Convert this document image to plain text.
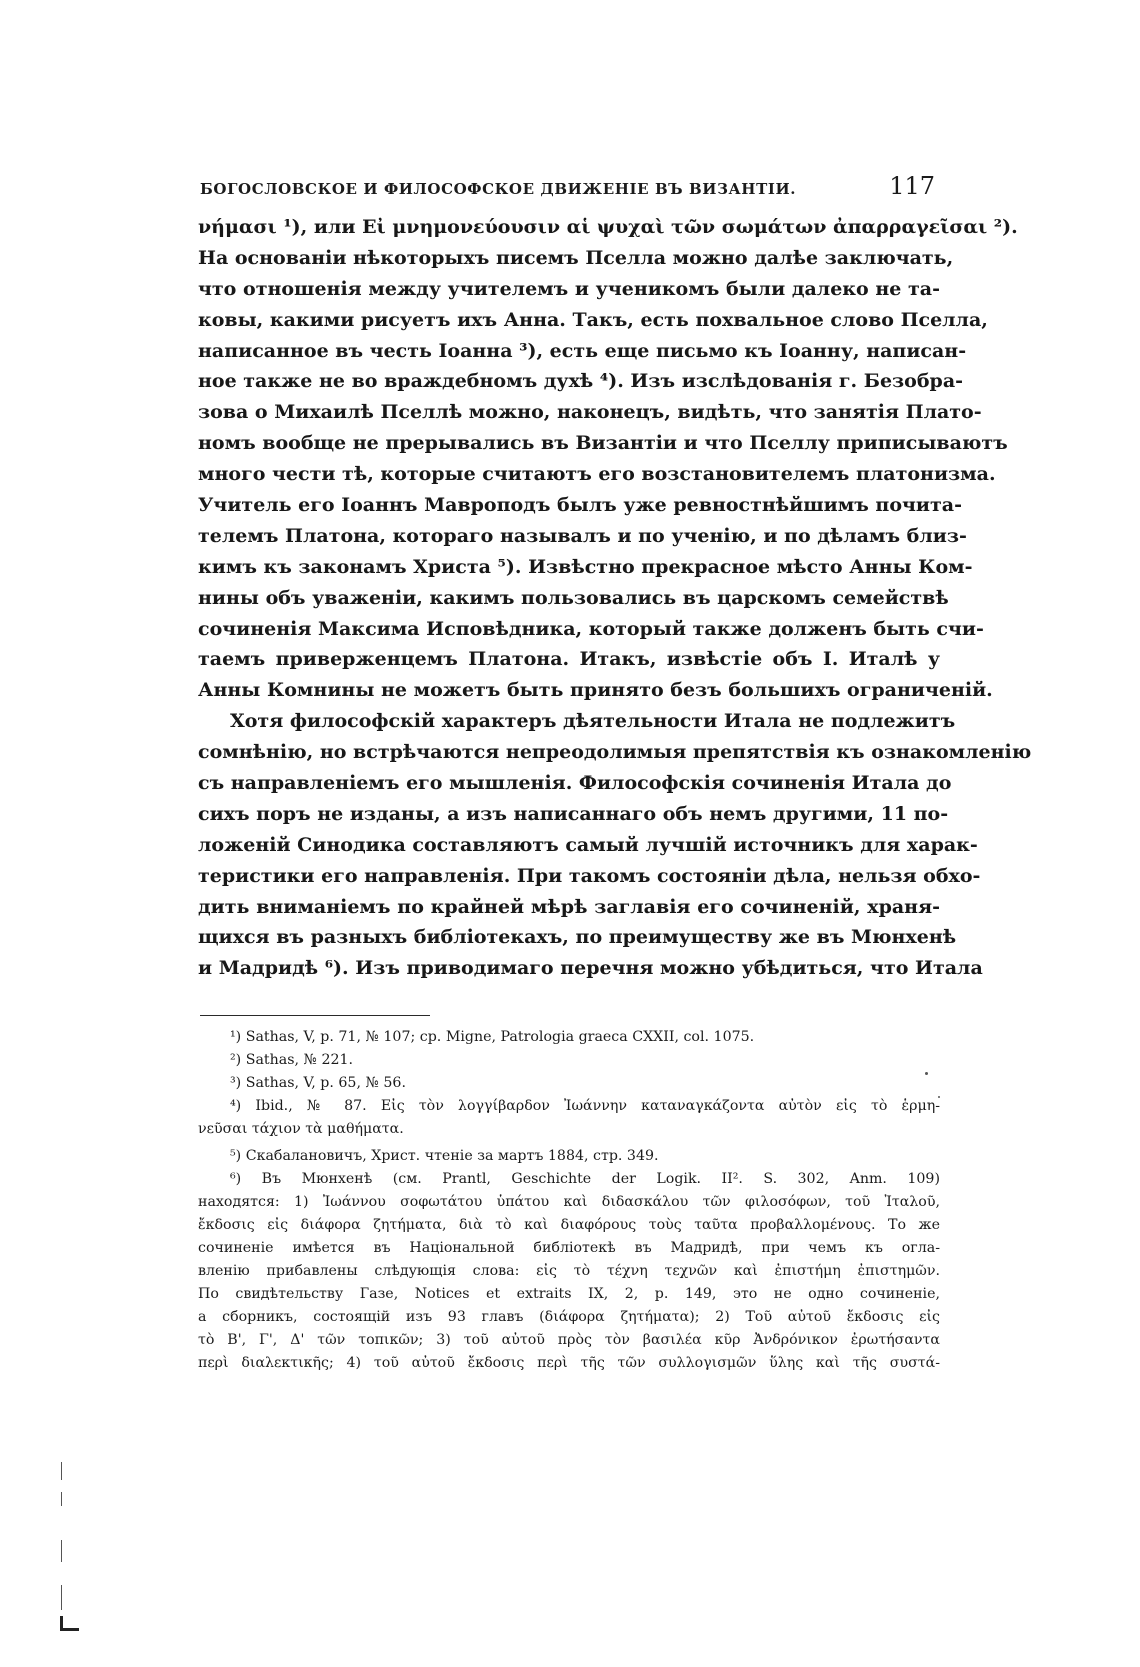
БОГОСЛОВСКОЕ И ФИЛОСОФСКОЕ ДВИЖЕНІЕ ВЪ ВИЗАНТІИ.	117
νήμασι ¹), или Εἰ μνημονεύουσιν αἱ ψυχαὶ τῶν σωμάτων ἀπαρραγεῖσαι ²).
На основаніи нѣкоторыхъ писемъ Пселла можно далѣе заключать,
что отношенія между учителемъ и ученикомъ были далеко не та-
ковы, какими рисуетъ ихъ Анна. Такъ, есть похвальное слово Пселла,
написанное въ честь Іоанна ³), есть еще письмо къ Іоанну, написан-
ное также не во враждебномъ духѣ ⁴). Изъ изслѣдованія г. Безобра-
зова о Михаилѣ Пселлѣ можно, наконецъ, видѣть, что занятія Плато-
номъ вообще не прерывались въ Византіи и что Пселлу приписываютъ
много чести тѣ, которые считаютъ его возстановителемъ платонизма.
Учитель его Іоаннъ Мавроподъ былъ уже ревностнѣйшимъ почита-
телемъ Платона, котораго называлъ и по ученію, и по дѣламъ близ-
кимъ къ законамъ Христа ⁵). Извѣстно прекрасное мѣсто Анны Ком-
нины объ уваженіи, какимъ пользовались въ царскомъ семействѣ
сочиненія Максима Исповѣдника, который также долженъ быть счи-
таемъ приверженцемъ Платона. Итакъ, извѣстіе объ І. Италѣ у
Анны Комнины не можетъ быть принято безъ большихъ ограниченій.
Хотя философскій характеръ дѣятельности Итала не подлежитъ
сомнѣнію, но встрѣчаются непреодолимыя препятствія къ ознакомленію
съ направленіемъ его мышленія. Философскія сочиненія Итала до
сихъ поръ не изданы, а изъ написаннаго объ немъ другими, 11 по-
ложеній Синодика составляютъ самый лучшій источникъ для харак-
теристики его направленія. При такомъ состояніи дѣла, нельзя обхо-
дить вниманіемъ по крайней мѣрѣ заглавія его сочиненій, храня-
щихся въ разныхъ библіотекахъ, по преимуществу же въ Мюнхенѣ
и Мадридѣ ⁶). Изъ приводимаго перечня можно убѣдиться, что Итала
¹) Sathas, V, p. 71, № 107; cp. Migne, Patrologia graeca CXXII, col. 1075.
²) Sathas, № 221.
³) Sathas, V, p. 65, № 56.
⁴) Ibid., № 87. Εἰς τὸν λογγίβαρδον Ἰωάννην καταναγκάζοντα αὐτὸν εἰς τὸ ἑρμη-
νεῦσαι τάχιον τὰ μαθήματα.
⁵) Скабалановичъ, Христ. чтеніе за мартъ 1884, стр. 349.
⁶) Въ Мюнхенѣ (см. Prantl, Geschichte der Logik. II². S. 302, Anm. 109)
находятся: 1) Ἰωάννου σοφωτάτου ὑπάτου καὶ διδασκάλου τῶν φιλοσόφων, τοῦ Ἰταλοῦ,
ἔκδοσις εἰς διάφορα ζητήματα, διὰ τὸ καὶ διαφόρους τοὺς ταῦτα προβαλλομένους. То же
сочиненіе имѣется въ Національной библіотекѣ въ Мадридѣ, при чемъ къ огла-
вленію прибавлены слѣдующія слова: εἰς τὸ τέχνη τεχνῶν καὶ ἐπιστήμη ἐπιστημῶν.
По свидѣтельству Газе, Notices et extraits IX, 2, p. 149, это не одно сочиненіе,
а сборникъ, состоящій изъ 93 главъ (διάφορα ζητήματα); 2) Τοῦ αὐτοῦ ἔκδοσις εἰς
τὸ Β', Γ', Δ' τῶν τοπικῶν; 3) τοῦ αὐτοῦ πρὸς τὸν βασιλέα κῦρ Ἀνδρόνικον ἐρωτήσαντα
περὶ διαλεκτικῆς; 4) τοῦ αὐτοῦ ἔκδοσις περὶ τῆς τῶν συλλογισμῶν ὕλης καὶ τῆς συστά-
